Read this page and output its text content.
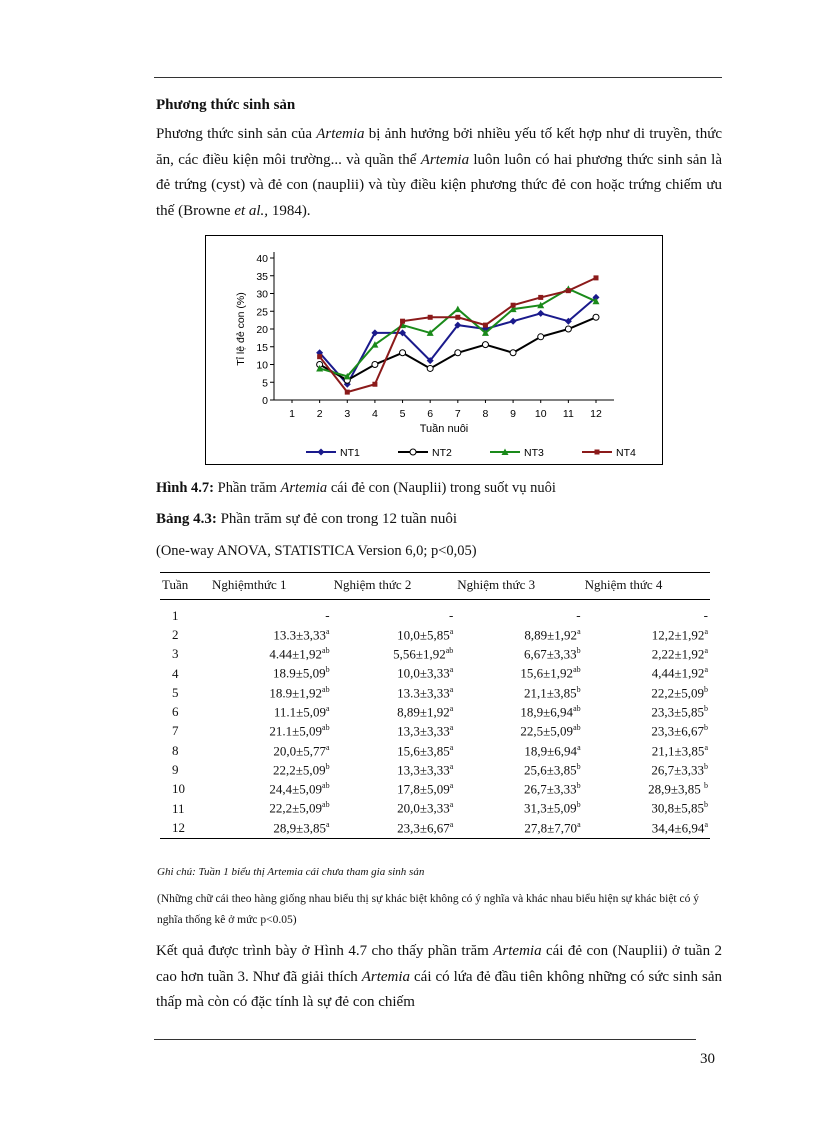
Phương thức sinh sản

Phương thức sinh sản của Artemia bị ảnh hưởng bởi nhiều yếu tố kết hợp như di truyền, thức ăn, các điều kiện môi trường... và quần thể Artemia luôn luôn có hai phương thức sinh sản là đẻ trứng (cyst) và đẻ con (nauplii) và tùy điều kiện phương thức đẻ con hoặc trứng chiếm ưu thế (Browne et al., 1984).

0
5
10
15
20
25
30
35
40
1 2 3 4 5 6 7 8 9 10 11 12
Tuần nuôi
Tỉ lệ đẻ con (%)
NT1	NT2	NT3	NT4
Hình 4.7: Phần trăm Artemia cái đẻ con (Nauplii) trong suốt vụ nuôi
Bảng 4.3: Phần trăm sự đẻ con trong 12 tuần nuôi
(One-way ANOVA, STATISTICA Version 6,0; p<0,05)
Tuần	Nghiệmthức 1	Nghiệm thức 2	Nghiệm thức 3	Nghiệm thức 4
1	-	-	-	-
2	13.3±3,33$^a$	10,0±5,85$^a$	8,89±1,92$^a$	12,2±1,92$^a$
3	4.44±1,92$^{ab}$	5,56±1,92$^{ab}$	6,67±3,33$^b$	2,22±1,92$^a$
4	18.9±5,09$^b$	10,0±3,33$^a$	15,6±1,92$^{ab}$	4,44±1,92$^a$
5	18.9±1,92$^{ab}$	13.3±3,33$^a$	21,1±3,85$^b$	22,2±5,09$^b$
6	11.1±5,09$^a$	8,89±1,92$^a$	18,9±6,94$^{ab}$	23,3±5,85$^b$
7	21.1±5,09$^{ab}$	13,3±3,33$^a$	22,5±5,09$^{ab}$	23,3±6,67$^b$
8	20,0±5,77$^a$	15,6±3,85$^a$	18,9±6,94$^a$	21,1±3,85$^a$
9	22,2±5,09$^b$	13,3±3,33$^a$	25,6±3,85$^b$	26,7±3,33$^b$
10	24,4±5,09$^{ab}$	17,8±5,09$^a$	26,7±3,33$^b$	28,9±3,85 $^b$
11	22,2±5,09$^{ab}$	20,0±3,33$^a$	31,3±5,09$^b$	30,8±5,85$^b$
12	28,9±3,85$^a$	23,3±6,67$^a$	27,8±7,70$^a$	34,4±6,94$^a$
Ghi chú: Tuần 1 biểu thị Artemia cái chưa tham gia sinh sản
(Những chữ cái theo hàng giống nhau biểu thị sự khác biệt không có ý nghĩa và khác nhau biểu hiện sự khác biệt có ý nghĩa thống kê ở mức p<0.05)

Kết quả được trình bày ở Hình 4.7 cho thấy phần trăm Artemia cái đẻ con (Nauplii) ở tuần 2 cao hơn tuần 3. Như đã giải thích Artemia cái có lứa đẻ đầu tiên không những có sức sinh sản thấp mà còn có đặc tính là sự đẻ con chiếm

30
